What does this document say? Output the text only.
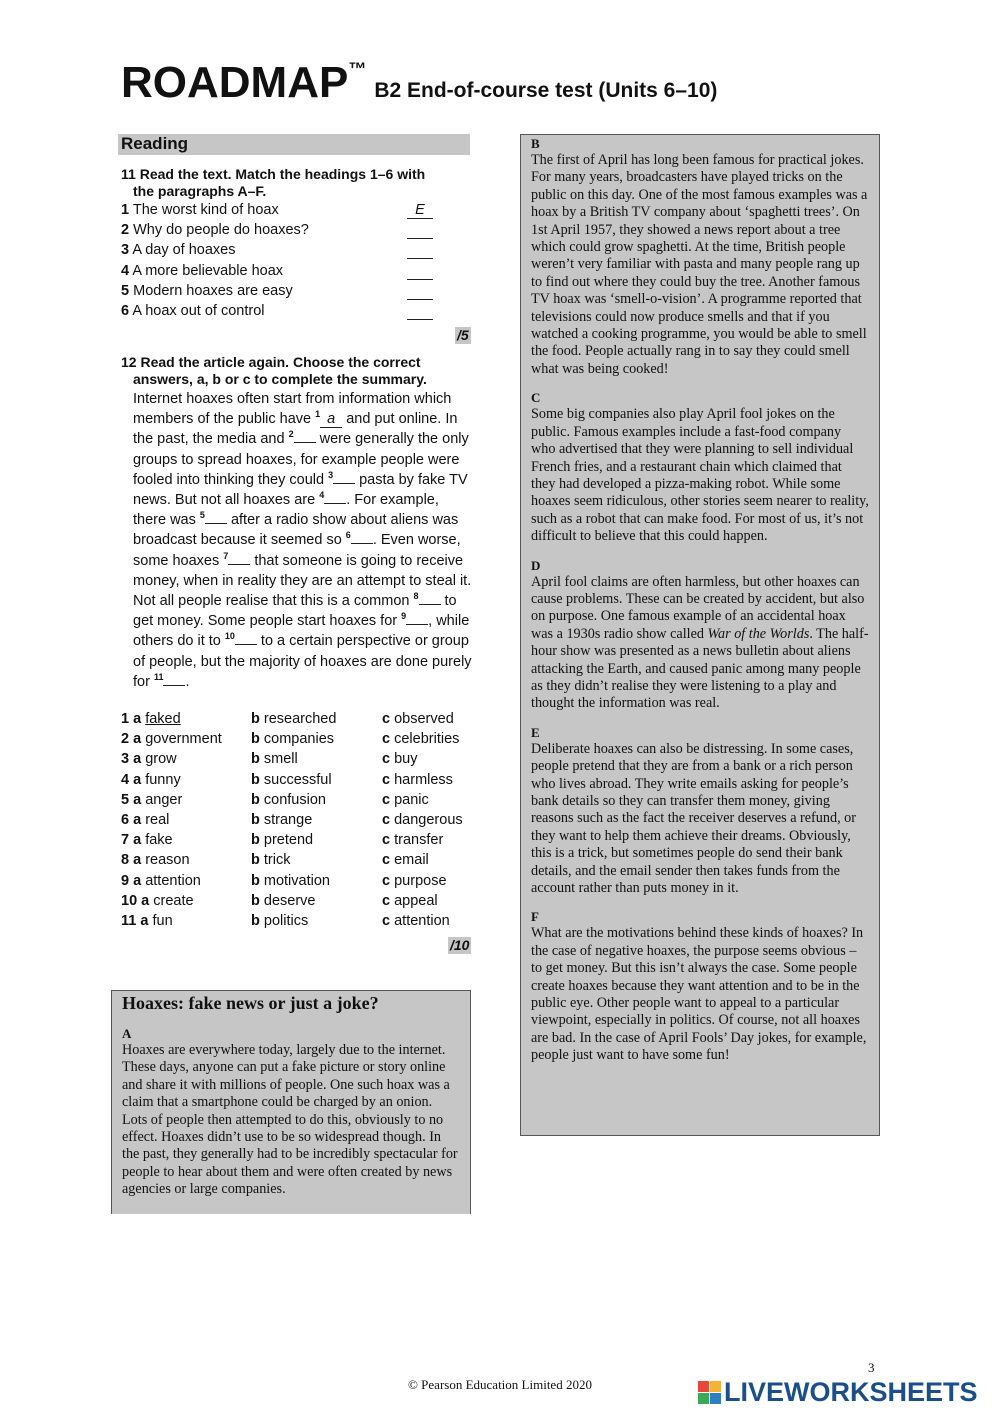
ROADMAP™B2 End-of-course test (Units 6–10)
Reading
11 Read the text. Match the headings 1–6 with
the paragraphs A–F.
1 The worst kind of hoax	E
2 Why do people do hoaxes?
3 A day of hoaxes
4 A more believable hoax
5 Modern hoaxes are easy
6 A hoax out of control
/5
12 Read the article again. Choose the correct
answers, a, b or c to complete the summary.
Internet hoaxes often start from information which members of the public have $^1$ a and put online. In the past, the media and $^2$ were generally the only groups to spread hoaxes, for example people were fooled into thinking they could $^3$ pasta by fake TV news. But not all hoaxes are $^4$ . For example, there was $^5$ after a radio show about aliens was broadcast because it seemed so $^6$ . Even worse, some hoaxes $^7$ that someone is going to receive money, when in reality they are an attempt to steal it. Not all people realise that this is a common $^8$ to get money. Some people start hoaxes for $^9$ , while others do it to $^{10}$ to a certain perspective or group of people, but the majority of hoaxes are done purely for $^{11}$ .
1 a faked	b researched	c observed
2 a government b companies	c celebrities
3 a grow	b smell	c buy
4 a funny	b successful	c harmless
5 a anger	b confusion	c panic
6 a real	b strange	c dangerous
7 a fake	b pretend	c transfer
8 a reason	b trick	c email
9 a attention	b motivation	c purpose
10 a create	b deserve	c appeal
11 a fun	b politics	c attention
/10
Hoaxes: fake news or just a joke?
A
Hoaxes are everywhere today, largely due to the internet. These days, anyone can put a fake picture or story online and share it with millions of people. One such hoax was a claim that a smartphone could be charged by an onion. Lots of people then attempted to do this, obviously to no effect. Hoaxes didn’t use to be so widespread though. In the past, they generally had to be incredibly spectacular for people to hear about them and were often created by news agencies or large companies.
B
The first of April has long been famous for practical jokes. For many years, broadcasters have played tricks on the public on this day. One of the most famous examples was a hoax by a British TV company about ‘spaghetti trees’. On 1st April 1957, they showed a news report about a tree which could grow spaghetti. At the time, British people weren’t very familiar with pasta and many people rang up to find out where they could buy the tree. Another famous TV hoax was ‘smell-o-vision’. A programme reported that televisions could now produce smells and that if you watched a cooking programme, you would be able to smell the food. People actually rang in to say they could smell what was being cooked!
C
Some big companies also play April fool jokes on the public. Famous examples include a fast-food company who advertised that they were planning to sell individual French fries, and a restaurant chain which claimed that they had developed a pizza-making robot. While some hoaxes seem ridiculous, other stories seem nearer to reality, such as a robot that can make food. For most of us, it’s not difficult to believe that this could happen.
D
April fool claims are often harmless, but other hoaxes can cause problems. These can be created by accident, but also on purpose. One famous example of an accidental hoax was a 1930s radio show called War of the Worlds. The half-hour show was presented as a news bulletin about aliens attacking the Earth, and caused panic among many people as they didn’t realise they were listening to a play and thought the information was real.
E
Deliberate hoaxes can also be distressing. In some cases, people pretend that they are from a bank or a rich person who lives abroad. They write emails asking for people’s bank details so they can transfer them money, giving reasons such as the fact the receiver deserves a refund, or they want to help them achieve their dreams. Obviously, this is a trick, but sometimes people do send their bank details, and the email sender then takes funds from the account rather than puts money in it.
F
What are the motivations behind these kinds of hoaxes? In the case of negative hoaxes, the purpose seems obvious – to get money. But this isn’t always the case. Some people create hoaxes because they want attention and to be in the public eye. Other people want to appeal to a particular viewpoint, especially in politics. Of course, not all hoaxes are bad. In the case of April Fools’ Day jokes, for example, people just want to have some fun!
3
© Pearson Education Limited 2020	LIVEWORKSHEETS
